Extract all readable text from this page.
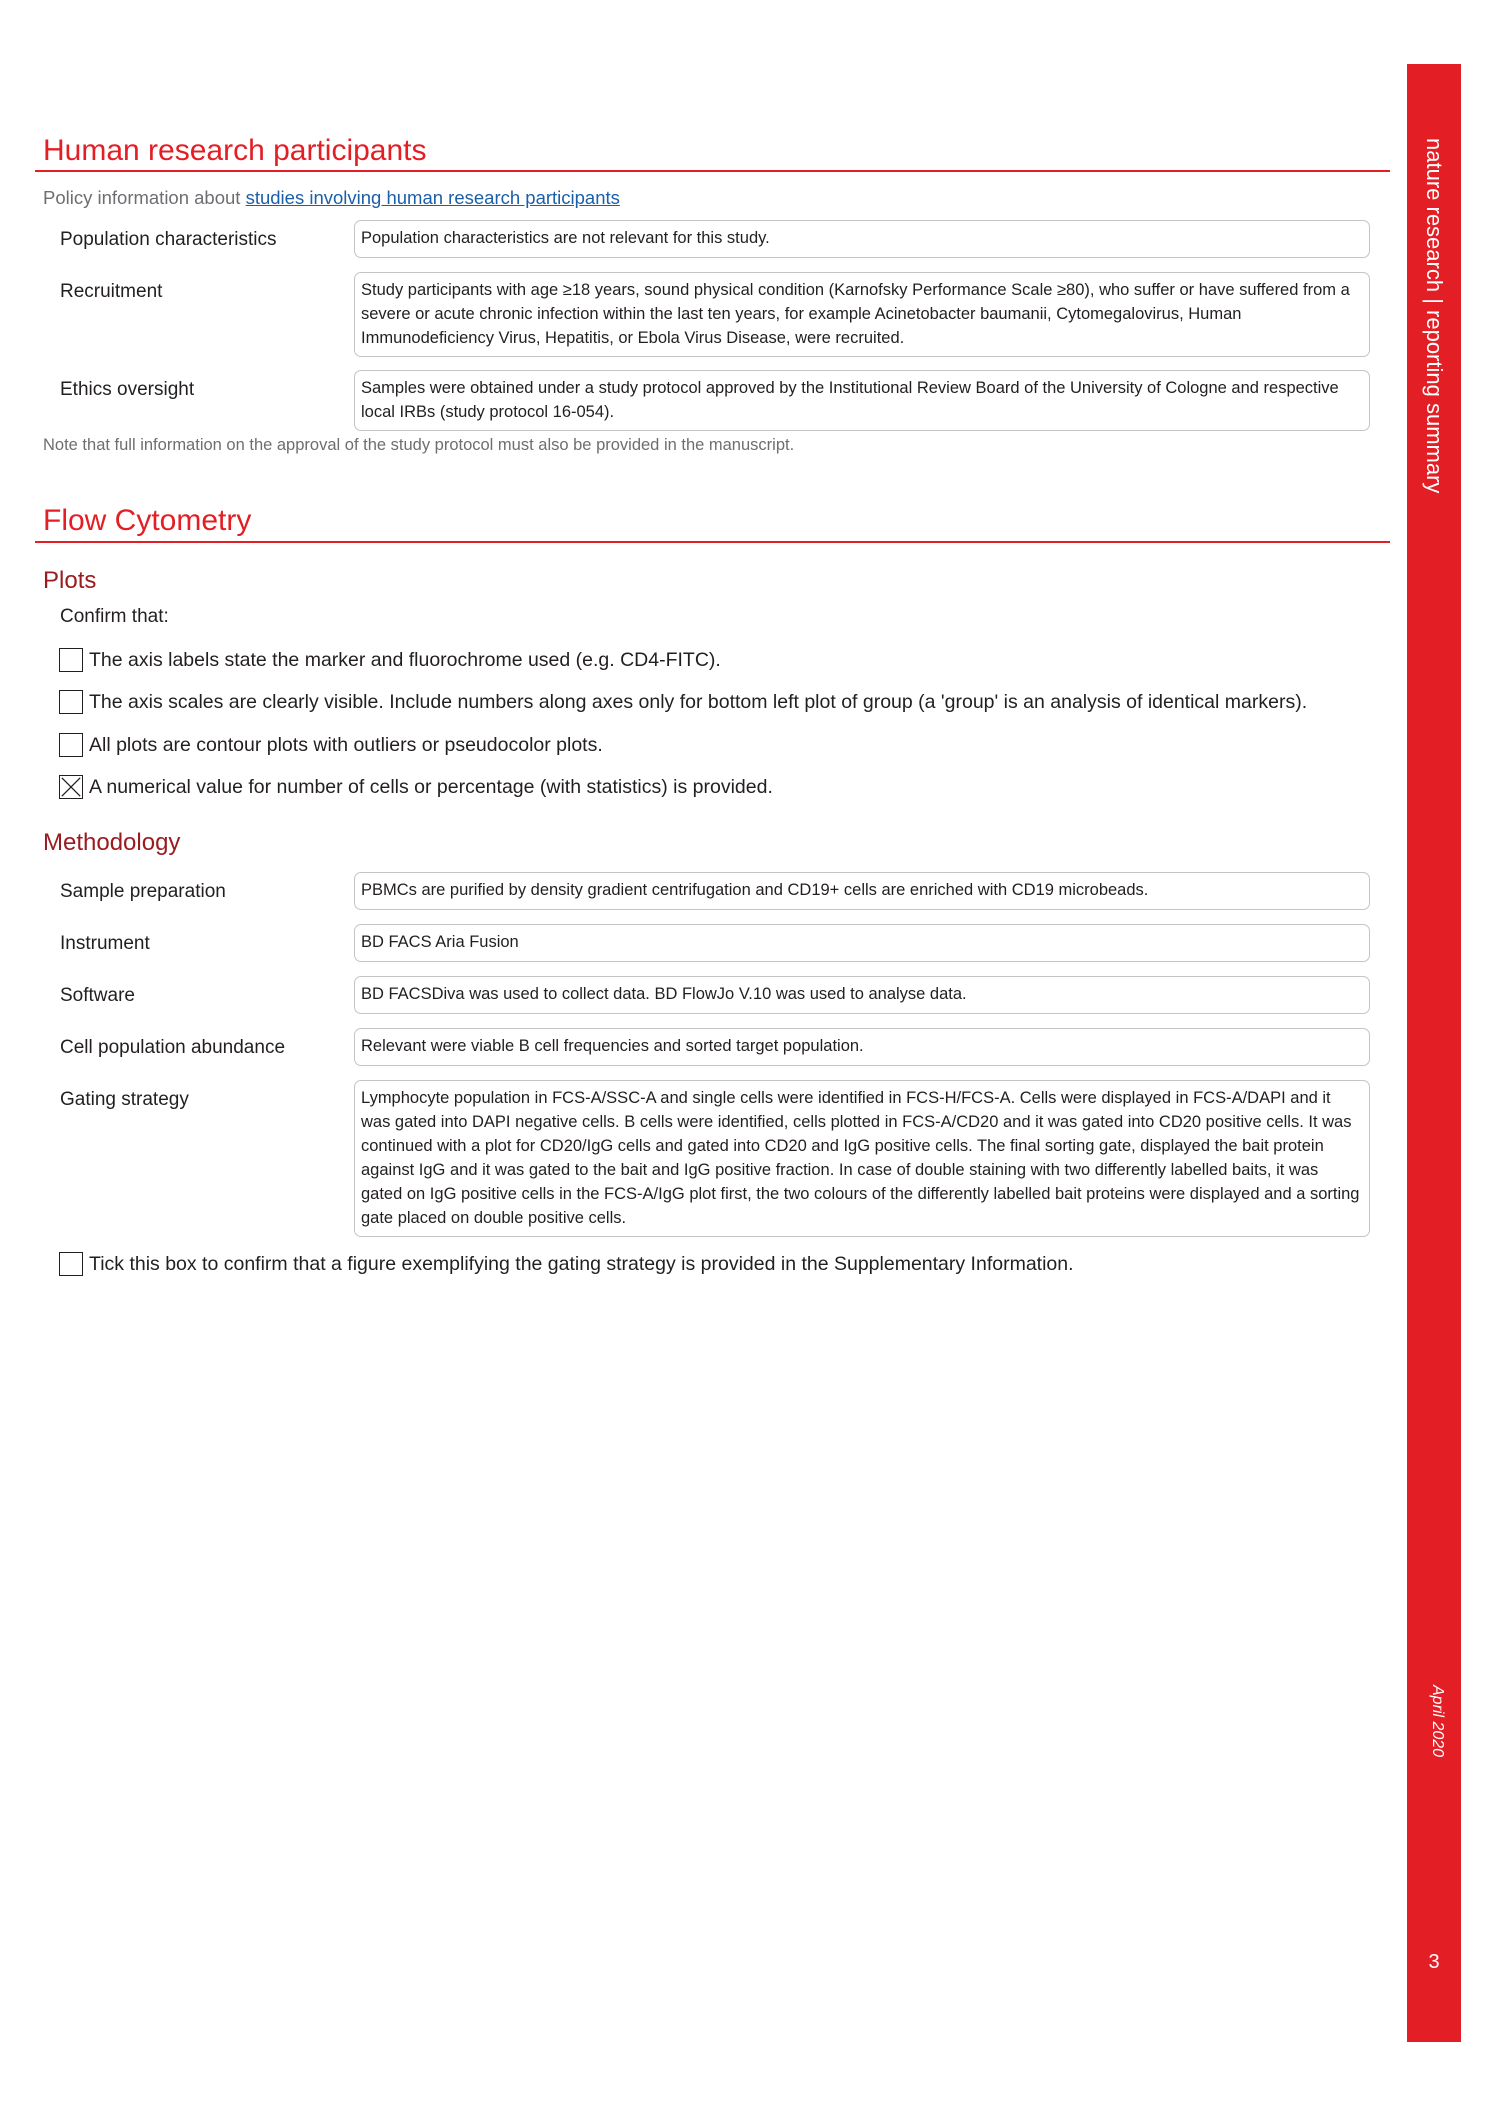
Human research participants
Policy information about studies involving human research participants
Population characteristics	Population characteristics are not relevant for this study.
Recruitment	Study participants with age ≥18 years, sound physical condition (Karnofsky Performance Scale ≥80), who suffer or have suffered from a severe or acute chronic infection within the last ten years, for example Acinetobacter baumanii, Cytomegalovirus, Human Immunodeficiency Virus, Hepatitis, or Ebola Virus Disease, were recruited.
Ethics oversight	Samples were obtained under a study protocol approved by the Institutional Review Board of the University of Cologne and respective local IRBs (study protocol 16-054).
Note that full information on the approval of the study protocol must also be provided in the manuscript.
Flow Cytometry
Plots
Confirm that:
The axis labels state the marker and fluorochrome used (e.g. CD4-FITC).
The axis scales are clearly visible. Include numbers along axes only for bottom left plot of group (a 'group' is an analysis of identical markers).
All plots are contour plots with outliers or pseudocolor plots.
A numerical value for number of cells or percentage (with statistics) is provided.
Methodology
Sample preparation	PBMCs are purified by density gradient centrifugation and CD19+ cells are enriched with CD19 microbeads.
Instrument	BD FACS Aria Fusion
Software	BD FACSDiva was used to collect data. BD FlowJo V.10 was used to analyse data.
Cell population abundance	Relevant were viable B cell frequencies and sorted target population.
Gating strategy	Lymphocyte population in FCS-A/SSC-A and single cells were identified in FCS-H/FCS-A. Cells were displayed in FCS-A/DAPI and it was gated into DAPI negative cells. B cells were identified, cells plotted in FCS-A/CD20 and it was gated into CD20 positive cells. It was continued with a plot for CD20/IgG cells and gated into CD20 and IgG positive cells. The final sorting gate, displayed the bait protein against IgG and it was gated to the bait and IgG positive fraction. In case of double staining with two differently labelled baits, it was gated on IgG positive cells in the FCS-A/IgG plot first, the two colours of the differently labelled bait proteins were displayed and a sorting gate placed on double positive cells.
Tick this box to confirm that a figure exemplifying the gating strategy is provided in the Supplementary Information.
nature research | reporting summary
April 2020
3
